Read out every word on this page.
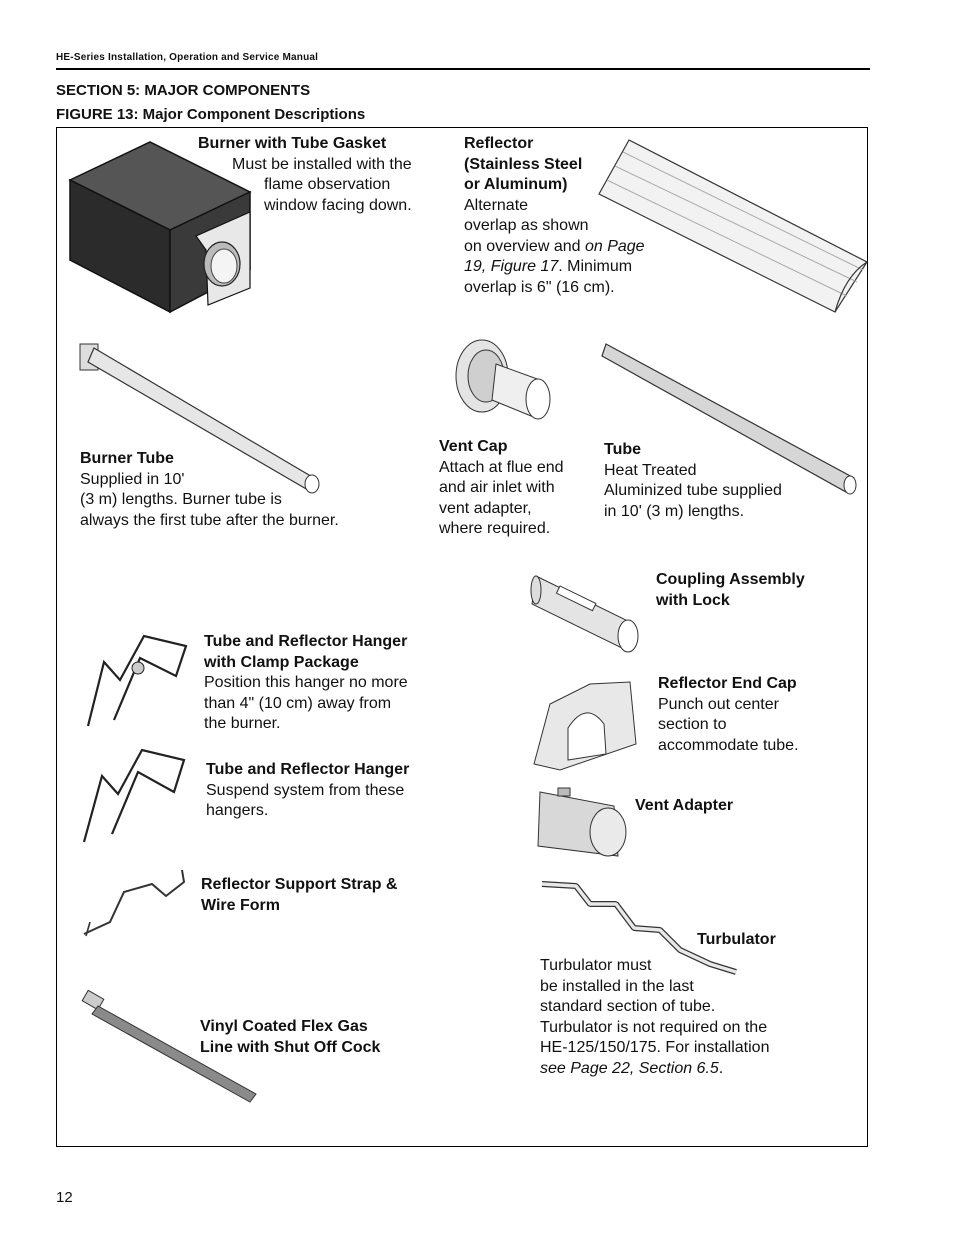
HE-Series Installation, Operation and Service Manual
SECTION 5: MAJOR COMPONENTS
FIGURE 13: Major Component Descriptions
Burner with Tube Gasket
Must be installed with the
flame observation
window facing down.
Reflector
(Stainless Steel
or Aluminum)
Alternate
overlap as shown
on overview and on Page
19, Figure 17. Minimum
overlap is 6" (16 cm).
Burner Tube
Supplied in 10'
(3 m) lengths. Burner tube is
always the first tube after the burner.
Vent Cap
Attach at flue end
and air inlet with
vent adapter,
where required.
Tube
Heat Treated
Aluminized tube supplied
in 10' (3 m) lengths.
Coupling Assembly
with Lock
Tube and Reflector Hanger
with Clamp Package
Position this hanger no more
than 4" (10 cm) away from
the burner.
Reflector End Cap
Punch out center
section to
accommodate tube.
Tube and Reflector Hanger
Suspend system from these
hangers.	Vent Adapter
Reflector Support Strap &
Wire Form
Turbulator
Turbulator must
be installed in the last
standard section of tube.
Turbulator is not required on the
HE-125/150/175. For installation
see Page 22, Section 6.5.
Vinyl Coated Flex Gas
Line with Shut Off Cock
12
